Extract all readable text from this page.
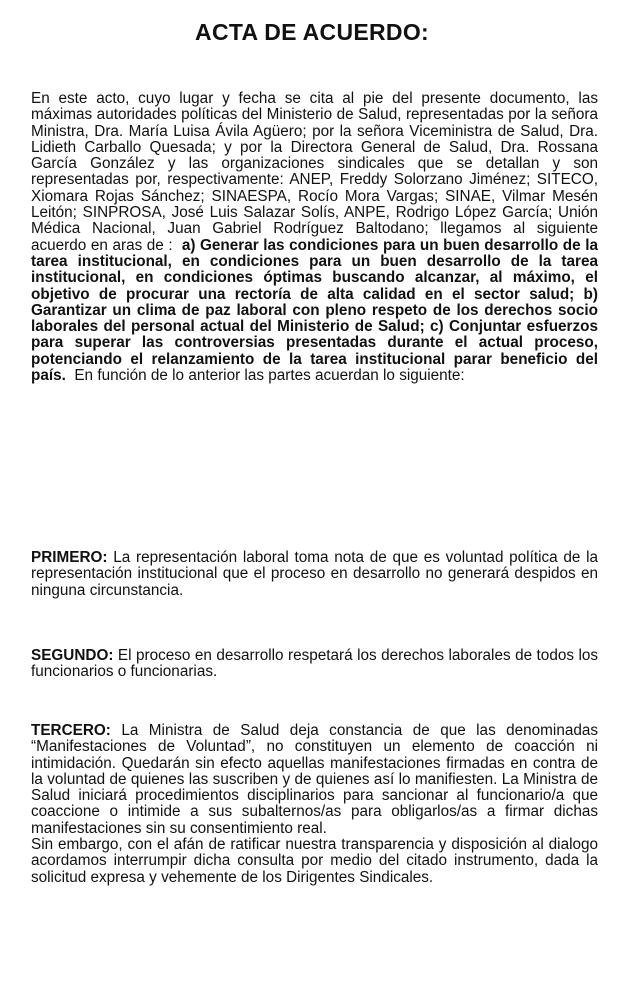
ACTA DE ACUERDO:

En este acto, cuyo lugar y fecha se cita al pie del presente documento, las máximas autoridades políticas del Ministerio de Salud, representadas por la señora Ministra, Dra. María Luisa Ávila Agüero; por la señora Viceministra de Salud, Dra. Lidieth Carballo Quesada; y por la Directora General de Salud, Dra. Rossana García González y las organizaciones sindicales que se detallan y son representadas por, respectivamente: ANEP, Freddy Solorzano Jiménez; SITECO, Xiomara Rojas Sánchez; SINAESPA, Rocío Mora Vargas; SINAE, Vilmar Mesén Leitón; SINPROSA, José Luis Salazar Solís, ANPE, Rodrigo López García; Unión Médica Nacional, Juan Gabriel Rodríguez Baltodano; llegamos al siguiente acuerdo en aras de : a) Generar las condiciones para un buen desarrollo de la tarea institucional, en condiciones para un buen desarrollo de la tarea institucional, en condiciones óptimas buscando alcanzar, al máximo, el objetivo de procurar una rectoría de alta calidad en el sector salud; b) Garantizar un clima de paz laboral con pleno respeto de los derechos socio laborales del personal actual del Ministerio de Salud; c) Conjuntar esfuerzos para superar las controversias presentadas durante el actual proceso, potenciando el relanzamiento de la tarea institucional parar beneficio del país. En función de lo anterior las partes acuerdan lo siguiente:

PRIMERO: La representación laboral toma nota de que es voluntad política de la representación institucional que el proceso en desarrollo no generará despidos en ninguna circunstancia.

SEGUNDO: El proceso en desarrollo respetará los derechos laborales de todos los funcionarios o funcionarias.

TERCERO: La Ministra de Salud deja constancia de que las denominadas “Manifestaciones de Voluntad”, no constituyen un elemento de coacción ni intimidación. Quedarán sin efecto aquellas manifestaciones firmadas en contra de la voluntad de quienes las suscriben y de quienes así lo manifiesten. La Ministra de Salud iniciará procedimientos disciplinarios para sancionar al funcionario/a que coaccione o intimide a sus subalternos/as para obligarlos/as a firmar dichas manifestaciones sin su consentimiento real.
Sin embargo, con el afán de ratificar nuestra transparencia y disposición al dialogo acordamos interrumpir dicha consulta por medio del citado instrumento, dada la solicitud expresa y vehemente de los Dirigentes Sindicales.
